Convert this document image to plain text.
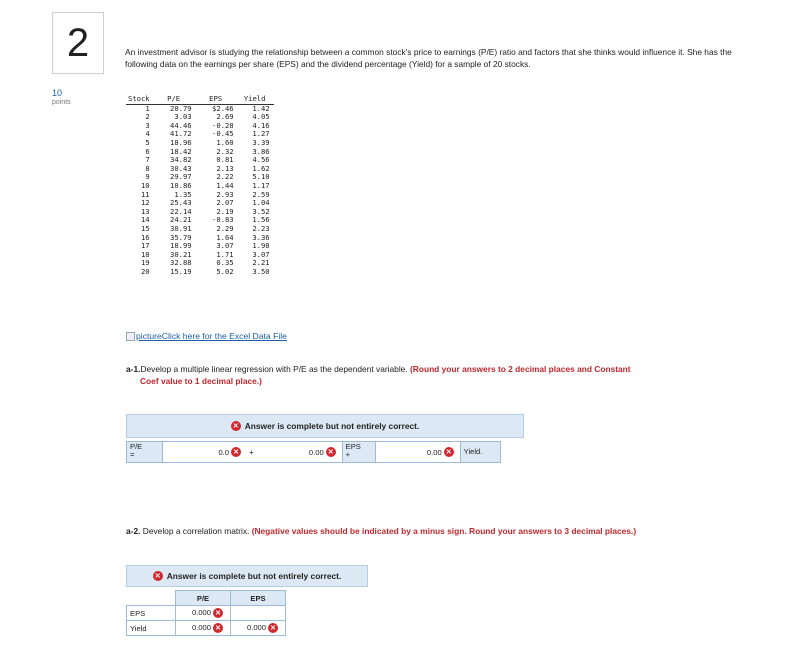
2
10
points
An investment advisor is studying the relationship between a common stock's price to earnings (P/E) ratio and factors that she thinks would influence it. She has the following data on the earnings per share (EPS) and the dividend percentage (Yield) for a sample of 20 stocks.
Stock	P/E	EPS	Yield
1	20.79	$2.46	1.42
2	3.03	2.69	4.05
3	44.46	-0.28	4.16
4	41.72	-0.45	1.27
5	18.96	1.60	3.39
6	18.42	2.32	3.86
7	34.82	0.81	4.56
8	30.43	2.13	1.62
9	29.97	2.22	5.10
10	10.86	1.44	1.17
11	1.35	2.93	2.59
12	25.43	2.07	1.04
13	22.14	2.19	3.52
14	24.21	-0.83	1.56
15	30.91	2.29	2.23
16	35.79	1.64	3.36
17	18.99	3.07	1.98
18	30.21	1.71	3.07
19	32.88	0.35	2.21
20	15.19	5.02	3.50
picture Click here for the Excel Data File
a-1.Develop a multiple linear regression with P/E as the dependent variable. (Round your answers to 2 decimal places and Constant
Coef value to 1 decimal place.)
✕ Answer is complete but not entirely correct.
P/E
=	0.0 ✕ +	0.00 ✕
EPS
+	0.00 ✕	Yield.
a-2. Develop a correlation matrix. (Negative values should be indicated by a minus sign. Round your answers to 3 decimal places.)
✕ Answer is complete but not entirely correct.
	P/E	EPS
EPS	0.000 ✕	
Yield	0.000 ✕	0.000 ✕
